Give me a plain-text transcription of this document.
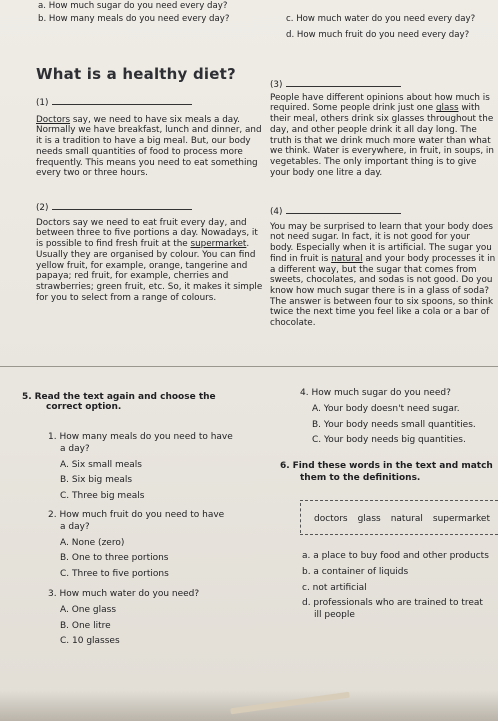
a. How much sugar do you need every day?
b. How many meals do you need every day?	c. How much water do you need every day?
d. How much fruit do you need every day?
What is a healthy diet?
(1)
Doctors say, we need to have six meals a day. Normally we have breakfast, lunch and dinner, and it is a tradition to have a big meal. But, our body needs small quantities of food to process more frequently. This means you need to eat something every two or three hours.
(2)
Doctors say we need to eat fruit every day, and between three to five portions a day. Nowadays, it is possible to find fresh fruit at the supermarket. Usually they are organised by colour. You can find yellow fruit, for example, orange, tangerine and papaya; red fruit, for example, cherries and strawberries; green fruit, etc. So, it makes it simple for you to select from a range of colours.
(3)
People have different opinions about how much is required. Some people drink just one glass with their meal, others drink six glasses throughout the day, and other people drink it all day long. The truth is that we drink much more water than what we think. Water is everywhere, in fruit, in soups, in vegetables. The only important thing is to give your body one litre a day.
(4)
You may be surprised to learn that your body does not need sugar. In fact, it is not good for your body. Especially when it is artificial. The sugar you find in fruit is natural and your body processes it in a different way, but the sugar that comes from sweets, chocolates, and sodas is not good. Do you know how much sugar there is in a glass of soda? The answer is between four to six spoons, so think twice the next time you feel like a cola or a bar of chocolate.
5. Read the text again and choose the
correct option.
1. How many meals do you need to have
a day?
A. Six small meals
B. Six big meals
C. Three big meals
2. How much fruit do you need to have
a day?
A. None (zero)
B. One to three portions
C. Three to five portions
3. How much water do you need?
A. One glass
B. One litre
C. 10 glasses
4. How much sugar do you need?
A. Your body doesn't need sugar.
B. Your body needs small quantities.
C. Your body needs big quantities.
6. Find these words in the text and match
them to the definitions.
doctors glass natural supermarket
a. a place to buy food and other products
b. a container of liquids
c. not artificial
d. professionals who are trained to treat
ill people
